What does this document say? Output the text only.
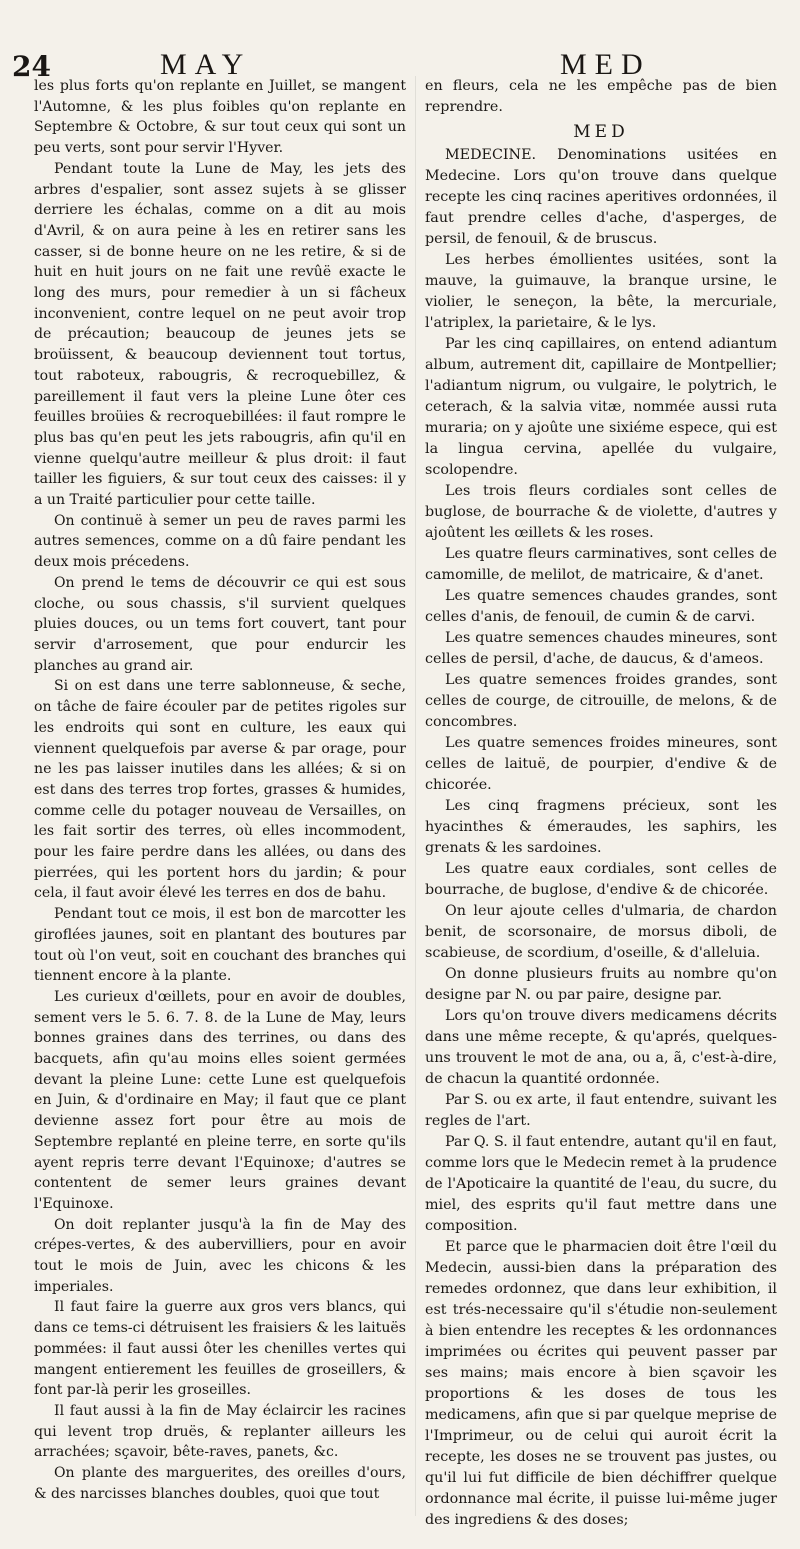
24	MAY	MED

les plus forts qu'on replante en Juillet, se mangent l'Automne, & les plus foibles qu'on replante en Septembre & Octobre, & sur tout ceux qui sont un peu verts, sont pour servir l'Hyver.

Pendant toute la Lune de May, les jets des arbres d'espalier, sont assez sujets à se glisser derriere les échalas, comme on a dit au mois d'Avril, & on aura peine à les en retirer sans les casser, si de bonne heure on ne les retire, & si de huit en huit jours on ne fait une revûë exacte le long des murs, pour remedier à un si fâcheux inconvenient, contre lequel on ne peut avoir trop de précaution; beaucoup de jeunes jets se broüissent, & beaucoup deviennent tout tortus, tout raboteux, rabougris, & recroquebillez, & pareillement il faut vers la pleine Lune ôter ces feuilles broüies & recroquebillées: il faut rompre le plus bas qu'en peut les jets rabougris, afin qu'il en vienne quelqu'autre meilleur & plus droit: il faut tailler les figuiers, & sur tout ceux des caisses: il y a un Traité particulier pour cette taille.

On continuë à semer un peu de raves parmi les autres semences, comme on a dû faire pendant les deux mois précedens.

On prend le tems de découvrir ce qui est sous cloche, ou sous chassis, s'il survient quelques pluies douces, ou un tems fort couvert, tant pour servir d'arrosement, que pour endurcir les planches au grand air.

Si on est dans une terre sablonneuse, & seche, on tâche de faire écouler par de petites rigoles sur les endroits qui sont en culture, les eaux qui viennent quelquefois par averse & par orage, pour ne les pas laisser inutiles dans les allées; & si on est dans des terres trop fortes, grasses & humides, comme celle du potager nouveau de Versailles, on les fait sortir des terres, où elles incommodent, pour les faire perdre dans les allées, ou dans des pierrées, qui les portent hors du jardin; & pour cela, il faut avoir élevé les terres en dos de bahu.

Pendant tout ce mois, il est bon de marcotter les giroflées jaunes, soit en plantant des boutures par tout où l'on veut, soit en couchant des branches qui tiennent encore à la plante.

Les curieux d'œillets, pour en avoir de doubles, sement vers le 5. 6. 7. 8. de la Lune de May, leurs bonnes graines dans des terrines, ou dans des bacquets, afin qu'au moins elles soient germées devant la pleine Lune: cette Lune est quelquefois en Juin, & d'ordinaire en May; il faut que ce plant devienne assez fort pour être au mois de Septembre replanté en pleine terre, en sorte qu'ils ayent repris terre devant l'Equinoxe; d'autres se contentent de semer leurs graines devant l'Equinoxe.

On doit replanter jusqu'à la fin de May des crépes-vertes, & des aubervilliers, pour en avoir tout le mois de Juin, avec les chicons & les imperiales.

Il faut faire la guerre aux gros vers blancs, qui dans ce tems-ci détruisent les fraisiers & les laituës pommées: il faut aussi ôter les chenilles vertes qui mangent entierement les feuilles de groseillers, & font par-là perir les groseilles.

Il faut aussi à la fin de May éclaircir les racines qui levent trop druës, & replanter ailleurs les arrachées; sçavoir, bête-raves, panets, &c.

On plante des marguerites, des oreilles d'ours, & des narcisses blanches doubles, quoi que tout

en fleurs, cela ne les empêche pas de bien reprendre.

MED

MEDECINE. Denominations usitées en Medecine. Lors qu'on trouve dans quelque recepte les cinq racines aperitives ordonnées, il faut prendre celles d'ache, d'asperges, de persil, de fenouil, & de bruscus.

Les herbes émollientes usitées, sont la mauve, la guimauve, la branque ursine, le violier, le seneçon, la bête, la mercuriale, l'atriplex, la parietaire, & le lys.

Par les cinq capillaires, on entend adiantum album, autrement dit, capillaire de Montpellier; l'adiantum nigrum, ou vulgaire, le polytrich, le ceterach, & la salvia vitæ, nommée aussi ruta muraria; on y ajoûte une sixiéme espece, qui est la lingua cervina, apellée du vulgaire, scolopendre.

Les trois fleurs cordiales sont celles de buglose, de bourrache & de violette, d'autres y ajoûtent les œillets & les roses.

Les quatre fleurs carminatives, sont celles de camomille, de melilot, de matricaire, & d'anet.

Les quatre semences chaudes grandes, sont celles d'anis, de fenouil, de cumin & de carvi.

Les quatre semences chaudes mineures, sont celles de persil, d'ache, de daucus, & d'ameos.

Les quatre semences froides grandes, sont celles de courge, de citrouille, de melons, & de concombres.

Les quatre semences froides mineures, sont celles de laituë, de pourpier, d'endive & de chicorée.

Les cinq fragmens précieux, sont les hyacinthes & émeraudes, les saphirs, les grenats & les sardoines.

Les quatre eaux cordiales, sont celles de bourrache, de buglose, d'endive & de chicorée.

On leur ajoute celles d'ulmaria, de chardon benit, de scorsonaire, de morsus diboli, de scabieuse, de scordium, d'oseille, & d'alleluia.

On donne plusieurs fruits au nombre qu'on designe par N. ou par paire, designe par.

Lors qu'on trouve divers medicamens décrits dans une même recepte, & qu'aprés, quelques-uns trouvent le mot de ana, ou a, ã, c'est-à-dire, de chacun la quantité ordonnée.

Par S. ou ex arte, il faut entendre, suivant les regles de l'art.

Par Q. S. il faut entendre, autant qu'il en faut, comme lors que le Medecin remet à la prudence de l'Apoticaire la quantité de l'eau, du sucre, du miel, des esprits qu'il faut mettre dans une composition.

Et parce que le pharmacien doit être l'œil du Medecin, aussi-bien dans la préparation des remedes ordonnez, que dans leur exhibition, il est trés-necessaire qu'il s'étudie non-seulement à bien entendre les receptes & les ordonnances imprimées ou écrites qui peuvent passer par ses mains; mais encore à bien sçavoir les proportions & les doses de tous les medicamens, afin que si par quelque meprise de l'Imprimeur, ou de celui qui auroit écrit la recepte, les doses ne se trouvent pas justes, ou qu'il lui fut difficile de bien déchiffrer quelque ordonnance mal écrite, il puisse lui-même juger des ingrediens & des doses;
